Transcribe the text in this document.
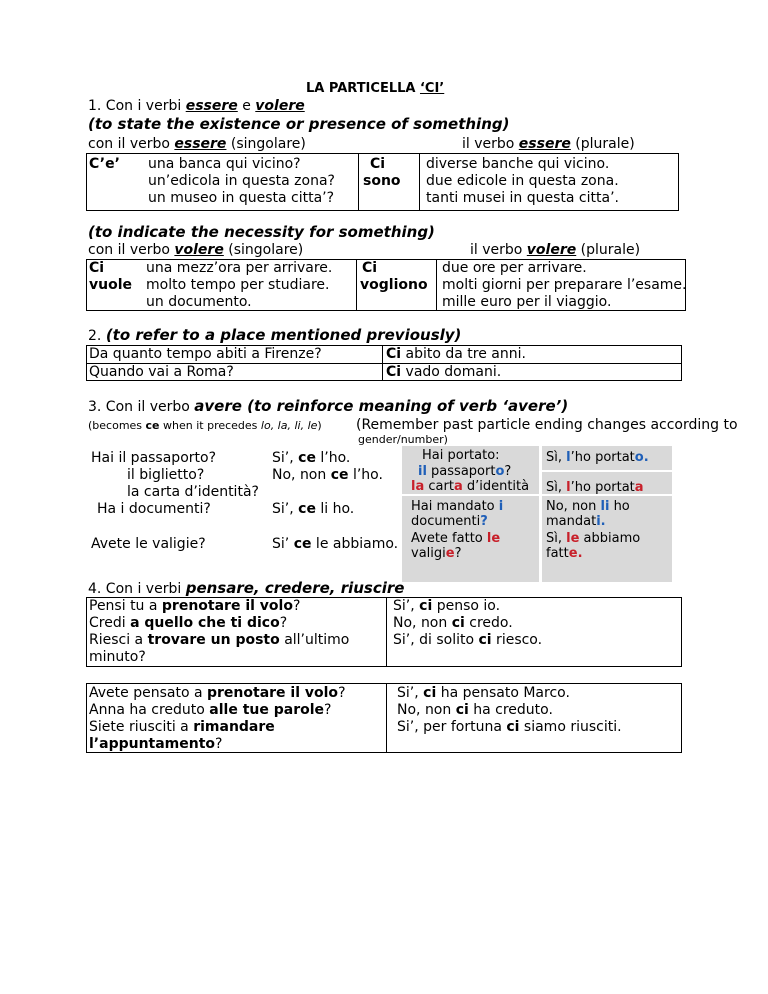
LA PARTICELLA ‘CI’
1. Con i verbi essere e volere
(to state the existence or presence of something)
con il verbo essere (singolare)	il verbo essere (plurale)
C’e’ una banca qui vicino?
un’edicola in questa zona?
un museo in questa citta’?
Ci
sono
diverse banche qui vicino.
due edicole in questa zona.
tanti musei in questa citta’.
(to indicate the necessity for something)
con il verbo volere (singolare)	il verbo volere (plurale)
Ci
vuole
una mezz’ora per arrivare.
molto tempo per studiare.
un documento.
Ci
vogliono
due ore per arrivare.
molti giorni per preparare l’esame.
mille euro per il viaggio.
2. (to refer to a place mentioned previously)
Da quanto tempo abiti a Firenze?
Quando vai a Roma?
Ci abito da tre anni.
Ci vado domani.
3. Con il verbo avere (to reinforce meaning of verb ‘avere’)
(becomes ce when it precedes lo, la, li, le) (Remember past particle ending changes according to
gender/number)
Hai il passaporto?
il biglietto?
la carta d’identità?
Ha i documenti?
Avete le valigie?
Si’, ce l’ho.
No, non ce l’ho.
Si’, ce li ho.
Si’ ce le abbiamo.
Hai portato:
il passaporto?
la carta d’identità
Hai mandato i
documenti?
Avete fatto le
valigie?
Sì, l’ho portato.
Sì, l’ho portata
No, non li ho
mandati.
Sì, le abbiamo
fatte.
4. Con i verbi pensare, credere, riuscire
Pensi tu a prenotare il volo?
Credi a quello che ti dico?
Riesci a trovare un posto all’ultimo
minuto?
Si’, ci penso io.
No, non ci credo.
Si’, di solito ci riesco.
Avete pensato a prenotare il volo?
Anna ha creduto alle tue parole?
Siete riusciti a rimandare
l’appuntamento?
Si’, ci ha pensato Marco.
No, non ci ha creduto.
Si’, per fortuna ci siamo riusciti.
